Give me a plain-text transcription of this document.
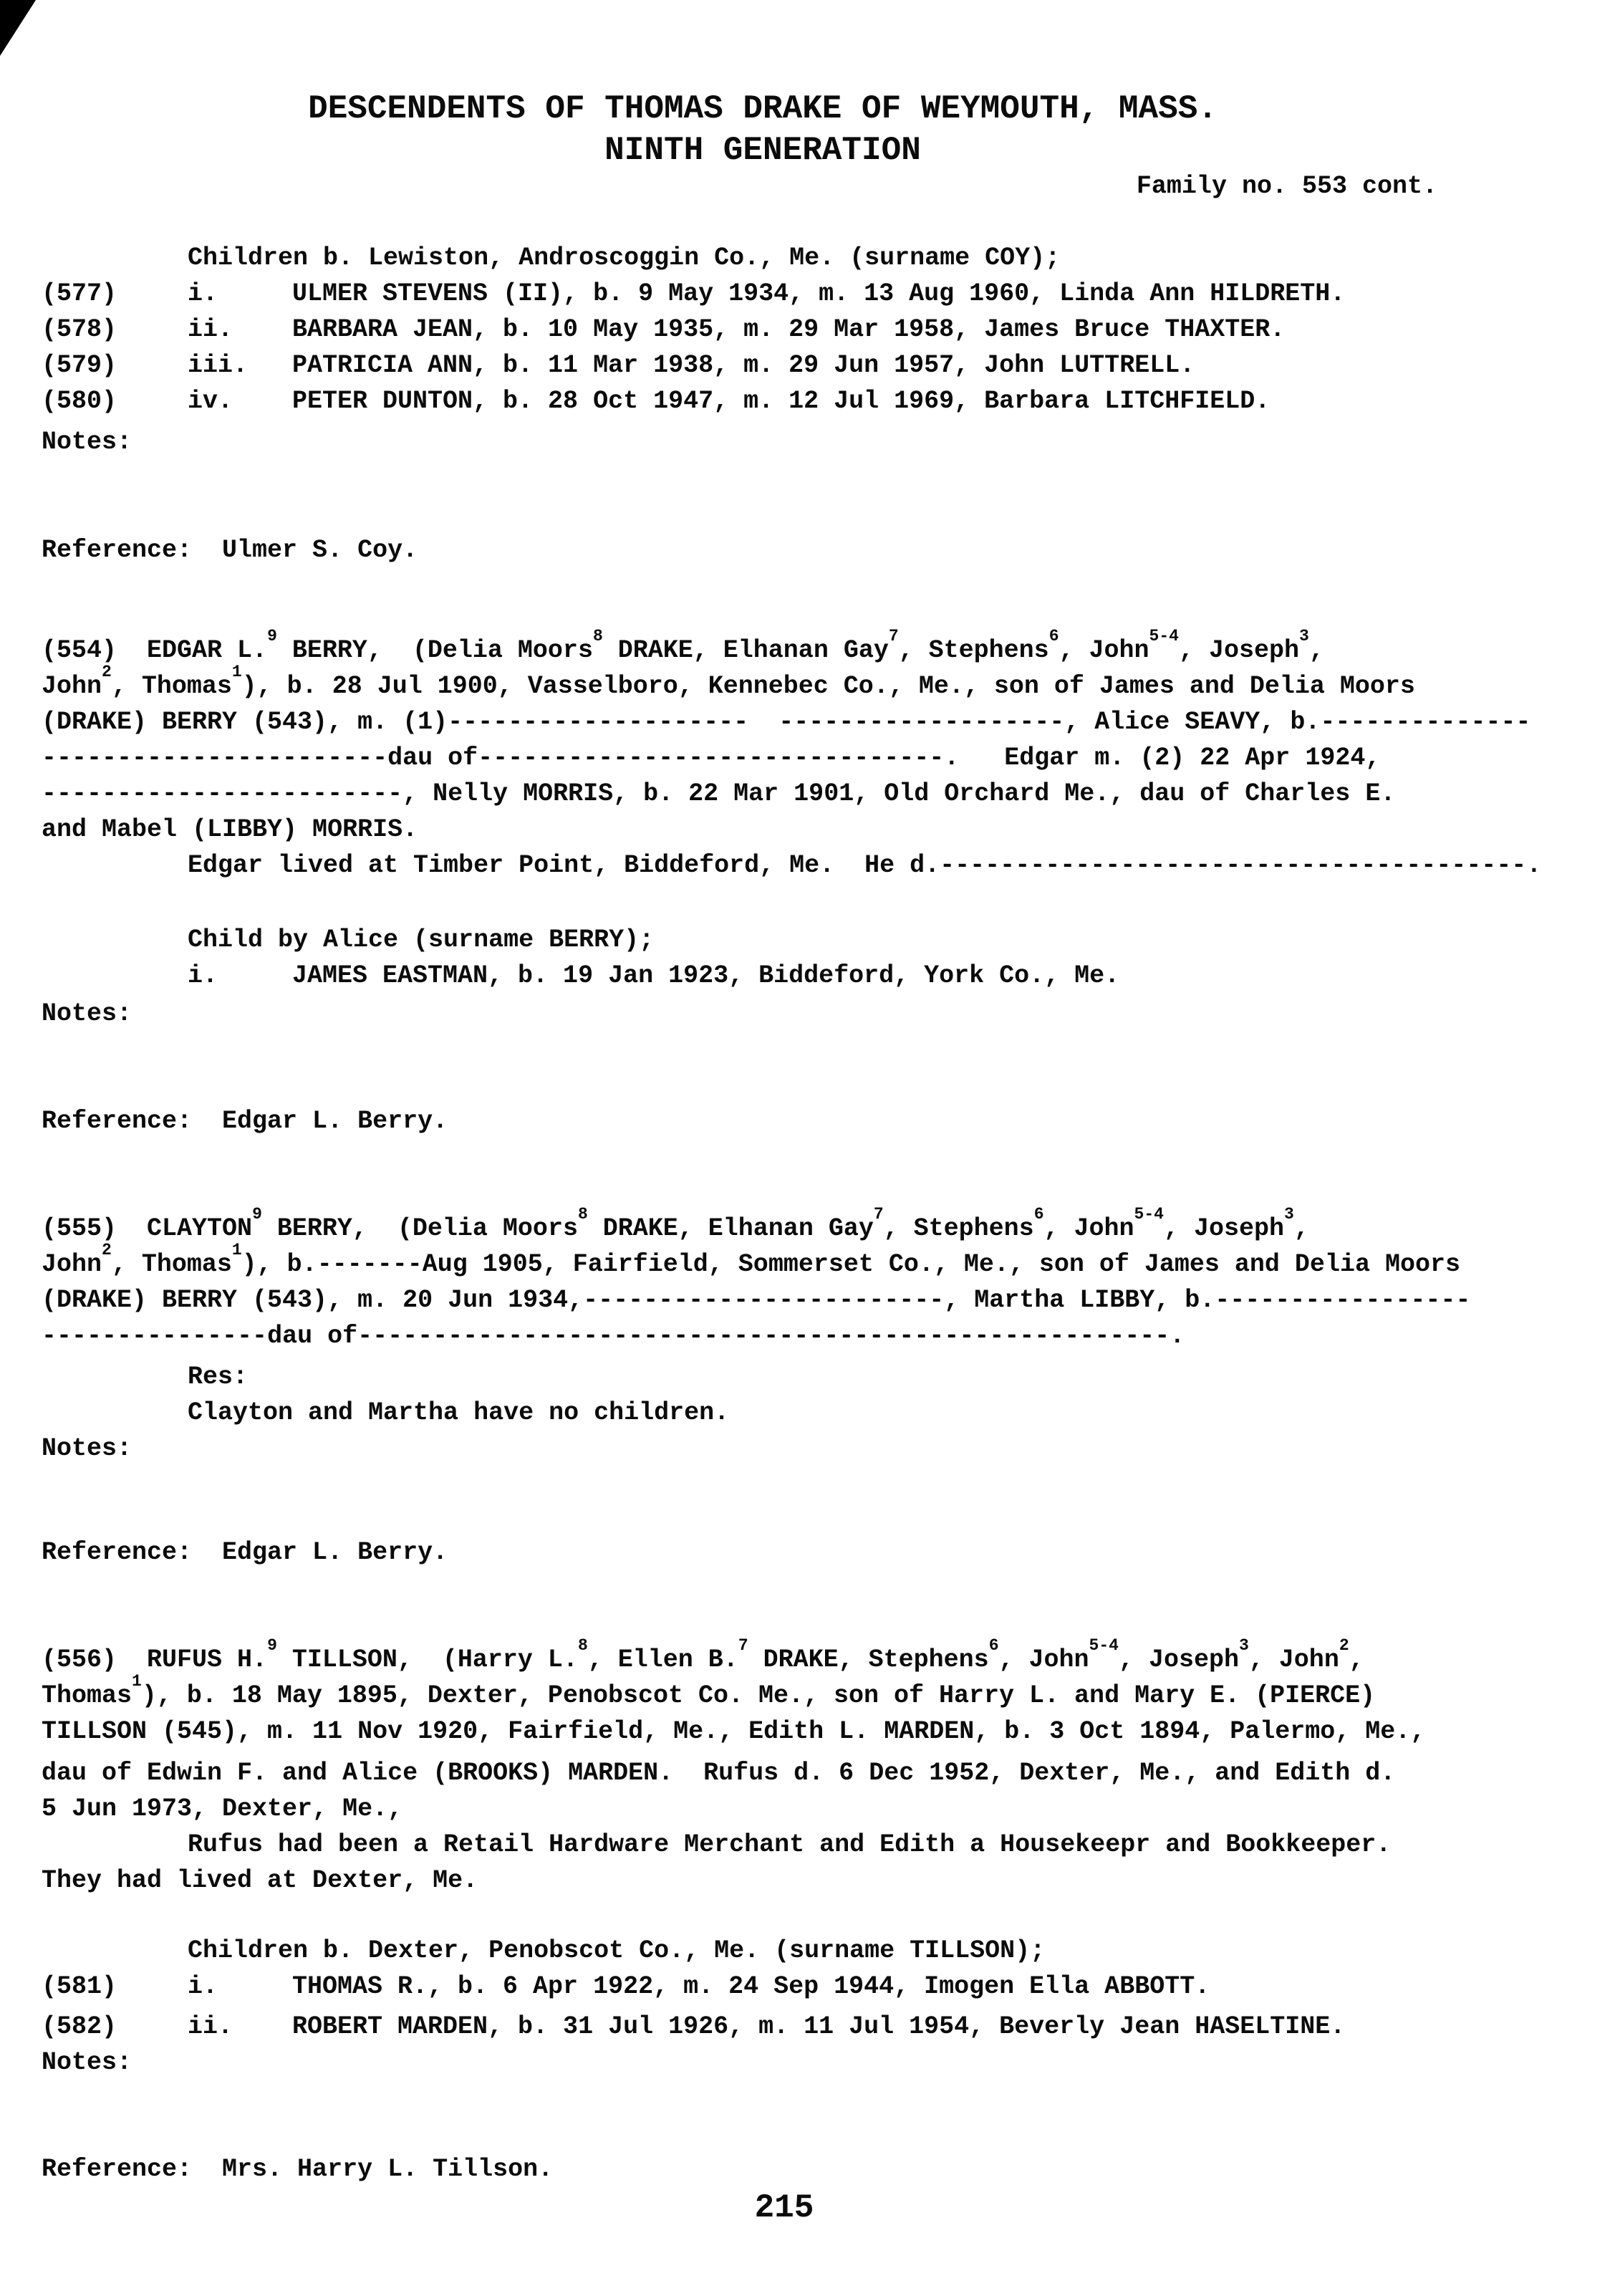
DESCENDENTS OF THOMAS DRAKE OF WEYMOUTH, MASS.
NINTH GENERATION
Family no. 553 cont.
Children b. Lewiston, Androscoggin Co., Me. (surname COY);
(577)	i.	ULMER STEVENS (II), b. 9 May 1934, m. 13 Aug 1960, Linda Ann HILDRETH.
(578)	ii.	BARBARA JEAN, b. 10 May 1935, m. 29 Mar 1958, James Bruce THAXTER.
(579)	iii.	PATRICIA ANN, b. 11 Mar 1938, m. 29 Jun 1957, John LUTTRELL.
(580)	iv.	PETER DUNTON, b. 28 Oct 1947, m. 12 Jul 1969, Barbara LITCHFIELD.
Notes:
Reference:  Ulmer S. Coy.
(554)  EDGAR L.$^9$ BERRY,  (Delia Moors$^8$ DRAKE, Elhanan Gay$^7$, Stephens$^6$, John$^{5-4}$, Joseph$^3$,
John$^2$, Thomas$^1$), b. 28 Jul 1900, Vasselboro, Kennebec Co., Me., son of James and Delia Moors
(DRAKE) BERRY (543), m. (1)-------------------- -------------------, Alice SEAVY, b.--------------
-----------------------dau of-------------------------------.   Edgar m. (2) 22 Apr 1924,
------------------------, Nelly MORRIS, b. 22 Mar 1901, Old Orchard Me., dau of Charles E.
and Mabel (LIBBY) MORRIS.
Edgar lived at Timber Point, Biddeford, Me.  He d.---------------------------------------.
Child by Alice (surname BERRY);
i.	JAMES EASTMAN, b. 19 Jan 1923, Biddeford, York Co., Me.
Notes:
Reference:  Edgar L. Berry.
(555)  CLAYTON$^9$ BERRY,  (Delia Moors$^8$ DRAKE, Elhanan Gay$^7$, Stephens$^6$, John$^{5-4}$, Joseph$^3$,
John$^2$, Thomas$^1$), b.-------Aug 1905, Fairfield, Sommerset Co., Me., son of James and Delia Moors
(DRAKE) BERRY (543), m. 20 Jun 1934,------------------------, Martha LIBBY, b.-----------------
---------------dau of------------------------------------------------------.
Res:
Clayton and Martha have no children.
Notes:
Reference:  Edgar L. Berry.
(556)  RUFUS H.$^9$ TILLSON,  (Harry L.$^8$, Ellen B.$^7$ DRAKE, Stephens$^6$, John$^{5-4}$, Joseph$^3$, John$^2$,
Thomas$^1$), b. 18 May 1895, Dexter, Penobscot Co. Me., son of Harry L. and Mary E. (PIERCE)
TILLSON (545), m. 11 Nov 1920, Fairfield, Me., Edith L. MARDEN, b. 3 Oct 1894, Palermo, Me.,
dau of Edwin F. and Alice (BROOKS) MARDEN.  Rufus d. 6 Dec 1952, Dexter, Me., and Edith d.
5 Jun 1973, Dexter, Me.,
Rufus had been a Retail Hardware Merchant and Edith a Housekeepr and Bookkeeper.
They had lived at Dexter, Me.
Children b. Dexter, Penobscot Co., Me. (surname TILLSON);
(581)	i.	THOMAS R., b. 6 Apr 1922, m. 24 Sep 1944, Imogen Ella ABBOTT.
(582)	ii.	ROBERT MARDEN, b. 31 Jul 1926, m. 11 Jul 1954, Beverly Jean HASELTINE.
Notes:
Reference:  Mrs. Harry L. Tillson.
215
